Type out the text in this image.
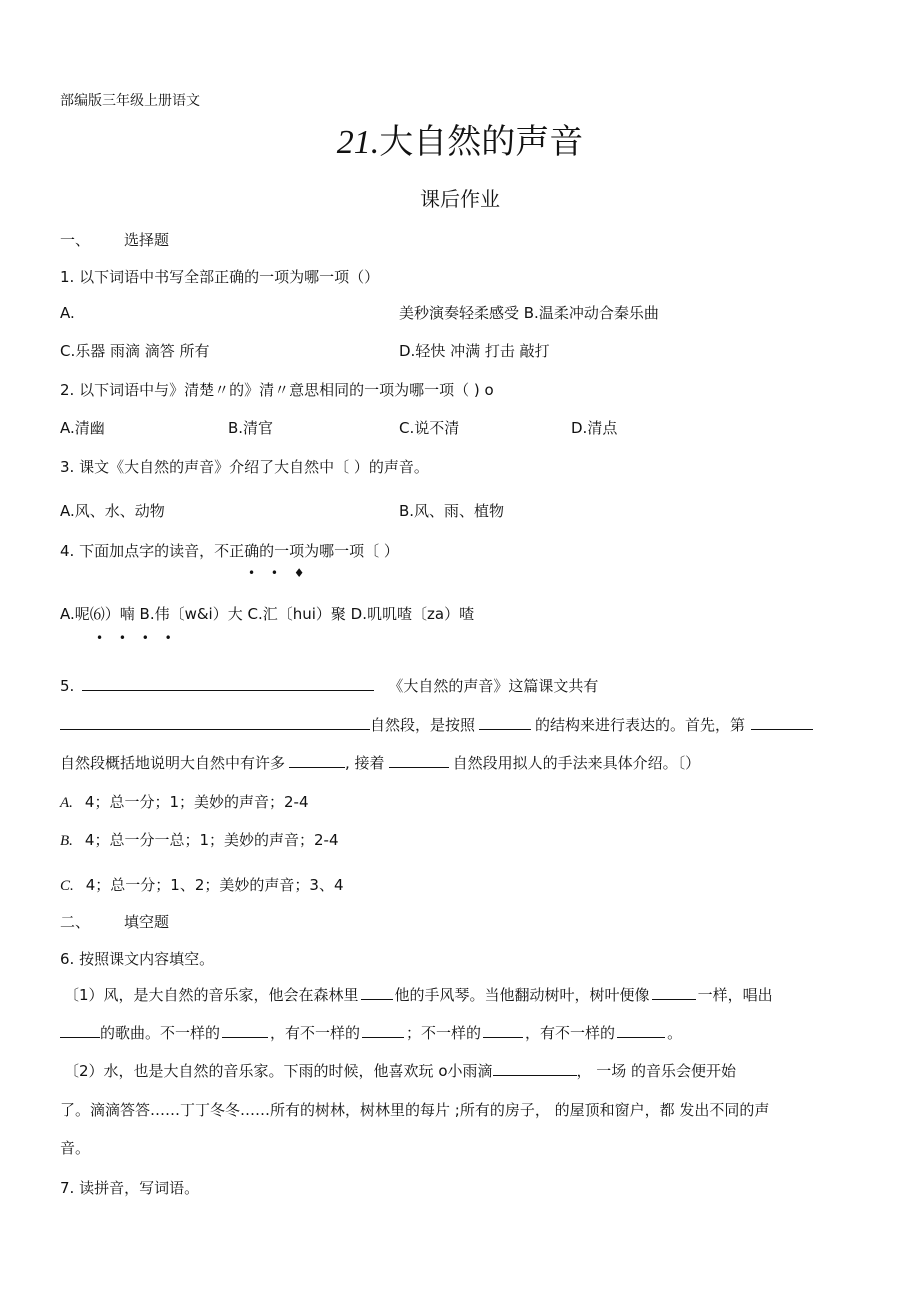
部编版三年级上册语文
21.大自然的声音
课后作业
一、 选择题
1. 以下词语中书写全部正确的一项为哪一项（）
A.	美秒演奏轻柔感受 B.温柔冲动合秦乐曲
C.乐器 雨滴 滴答 所有	D.轻快 冲满 打击 敲打
2. 以下词语中与》清楚〃的》清〃意思相同的一项为哪一项（ ) o
A.清幽	B.清官	C.说不清	D.清点
3. 课文《大自然的声音》介绍了大自然中〔 ）的声音。
A.风、水、动物	B.风、雨、植物
4. 下面加点字的读音，不正确的一项为哪一项〔 ）
• • ♦
A.呢⑹）喃 B.伟〔w&i）大 C.汇〔hui）聚 D.叽叽喳〔za）喳
• • • •
5.	《大自然的声音》这篇课文共有
自然段，是按照	的结构来进行表达的。首先，第
自然段概括地说明大自然中有许多	, 接着	自然段用拟人的手法来具体介绍。〔）
A. 4；总一分；1；美妙的声音；2-4
B. 4；总一分一总；1；美妙的声音；2-4
C. 4；总一分；1、2；美妙的声音；3、4
二、 填空题
6. 按照课文内容填空。
〔1）风，是大自然的音乐家，他会在森林里 他的手风琴。当他翻动树叶，树叶便像	一样，唱出
的歌曲。不一样的	，有不一样的	；不一样的	，有不一样的	。
〔2）水，也是大自然的音乐家。下雨的时候，他喜欢玩 o小雨滴	， 一场 的音乐会便开始
了。滴滴答答……丁丁冬冬……所有的树林，树林里的每片 ;所有的房子， 的屋顶和窗户，都 发出不同的声
音。
7. 读拼音，写词语。
